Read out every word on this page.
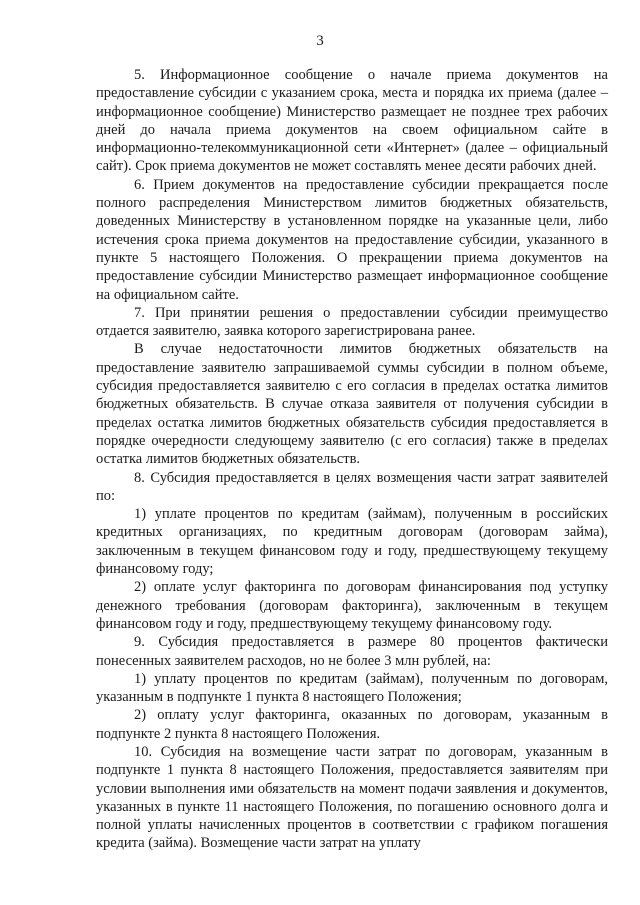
3

5. Информационное сообщение о начале приема документов на предоставление субсидии с указанием срока, места и порядка их приема (далее – информационное сообщение) Министерство размещает не позднее трех рабочих дней до начала приема документов на своем официальном сайте в информационно-телекоммуникационной сети «Интернет» (далее – официальный сайт). Срок приема документов не может составлять менее десяти рабочих дней.

6. Прием документов на предоставление субсидии прекращается после полного распределения Министерством лимитов бюджетных обязательств, доведенных Министерству в установленном порядке на указанные цели, либо истечения срока приема документов на предоставление субсидии, указанного в пункте 5 настоящего Положения. О прекращении приема документов на предоставление субсидии Министерство размещает информационное сообщение на официальном сайте.

7. При принятии решения о предоставлении субсидии преимущество отдается заявителю, заявка которого зарегистрирована ранее.

В случае недостаточности лимитов бюджетных обязательств на предоставление заявителю запрашиваемой суммы субсидии в полном объеме, субсидия предоставляется заявителю с его согласия в пределах остатка лимитов бюджетных обязательств. В случае отказа заявителя от получения субсидии в пределах остатка лимитов бюджетных обязательств субсидия предоставляется в порядке очередности следующему заявителю (с его согласия) также в пределах остатка лимитов бюджетных обязательств.

8. Субсидия предоставляется в целях возмещения части затрат заявителей по:

1) уплате процентов по кредитам (займам), полученным в российских кредитных организациях, по кредитным договорам (договорам займа), заключенным в текущем финансовом году и году, предшествующему текущему финансовому году;

2) оплате услуг факторинга по договорам финансирования под уступку денежного требования (договорам факторинга), заключенным в текущем финансовом году и году, предшествующему текущему финансовому году.

9. Субсидия предоставляется в размере 80 процентов фактически понесенных заявителем расходов, но не более 3 млн рублей, на:

1) уплату процентов по кредитам (займам), полученным по договорам, указанным в подпункте 1 пункта 8 настоящего Положения;

2) оплату услуг факторинга, оказанных по договорам, указанным в подпункте 2 пункта 8 настоящего Положения.

10. Субсидия на возмещение части затрат по договорам, указанным в подпункте 1 пункта 8 настоящего Положения, предоставляется заявителям при условии выполнения ими обязательств на момент подачи заявления и документов, указанных в пункте 11 настоящего Положения, по погашению основного долга и полной уплаты начисленных процентов в соответствии с графиком погашения кредита (займа). Возмещение части затрат на уплату
